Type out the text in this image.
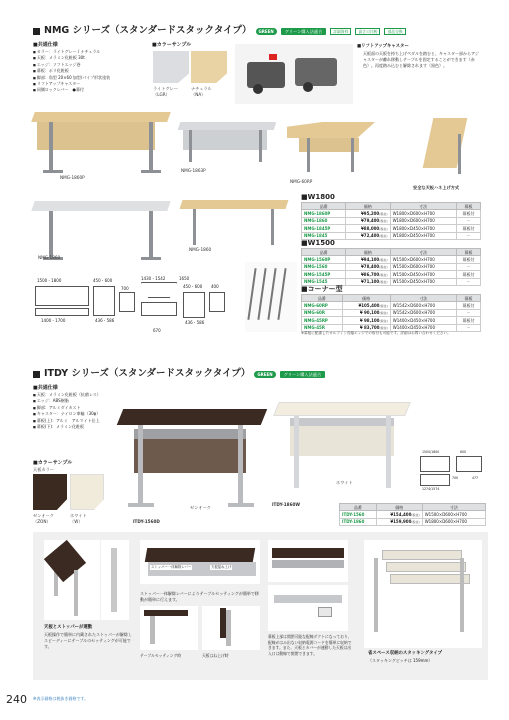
NMG シリーズ（スタンダードスタックタイプ）	GREEN	グリーン購入法適合	詳細資料	高さの比較	部品交換
■共通仕様
■ カラー：ライトグレー / ナチュラル
■ 天板：メラミン化粧板 30t
■ エッジ：ソフトエッジ巻
■ 幕板：ポリ化粧板
■ 脚部：角型 20×60 加型/パイプ形状塗装
■ リフトアップキャスター
■ 同側ロックレバー　●幕付
■カラーサンプル
ライトグレー
（LGR）
ナチュラル
（NA）
■リフトアップキャスター
天板面の天板を持ち上げペダルを踏むと、キャスター部からアジャスターが離れ移動しテーブルを固定することができます（赤色）。再度踏み込むと解除されます（黒色）。
NMG-1860P
NMG-1863P
NMG-60RP
安全な天板ハネ上げ方式
NMG-1860
NMG-1860
1500・1800	450・600
1400・1700	436・586
700
1430・1542	1650
450・600 400
670
436・586
■W1800
品番	価格	寸法	幕板
NMG-1860P	¥95,200(税抜)	W1800×D600×H700	幕板付
NMG-1860	¥79,400(税抜)	W1800×D600×H700	－
NMG-1845P	¥88,000(税抜)	W1800×D450×H700	幕板付
NMG-1845	¥72,400(税抜)	W1800×D450×H700	－
■W1500
品番	価格	寸法	幕板
NMG-1560P	¥94,100(税抜)	W1500×D600×H700	幕板付
NMG-1560	¥78,400(税抜)	W1500×D600×H700	－
NMG-1545P	¥86,700(税抜)	W1500×D450×H700	幕板付
NMG-1545	¥71,100(税抜)	W1500×D450×H700	－
■コーナー型
品番	価格	寸法	幕板
NMG-60RP	¥105,400(税抜)	W1542×D600×H700	幕板付
NMG-60R	¥ 90,100(税抜)	W1542×D600×H700	－
NMG-45RP	¥ 98,100(税抜)	W1400×D450×H700	幕板付
NMG-45R	¥ 83,700(税抜)	W1400×D450×H700	－
※幕板に配慮したオルフィン長幅エッジでの取付も可能です。詳細はお問い合わせください。
ITDY シリーズ（スタンダードスタックタイプ）	GREEN	グリーン購入法適合
■共通仕様
■ 天板：メラミン化粧板（抗菌レス）
■ エッジ：ABS樹脂
■ 脚部：アルミダイカスト
■ キャスター：ナイロン車輪（30φ）
■ 幕板(上)：アルミ　アルマイト仕上
■ 幕板(下)：メラミン化粧板
■カラーサンプル
天板カラー
ゼンオーク
（ZON）
ホワイト
（W）	ITDY-1560D
ゼンオーク
ITDY-1860W
ホワイト
1500/1800	600
1274/1574
700	477
品番	価格	寸法
ITDY-1560	¥154,400(税抜)	W1500×D600×H700
ITDY-1860	¥159,900(税抜)	W1800×D600×H700
天板とストッパーが連動
天板操作で簡単に内蔵されたストッパーが解除しスピーディーにテーブルのセッティングが可能です。
ストッパー一体解除レバー	天板揺ね上げ
ストッパー一体解除レバーによりテーブルセッティングが簡単で移動が簡単に行えます。
テーブルセッティング時	天板はね上げ時
幕板上部は開閉可能な配線ダクトになっており、配線がはみ出ない収納電源コードを簡単に収納できます。また、天板とカバーが連動した天板は出入口は動線で開閉できます。	省スペース収納のスタッキングタイプ
（スタッキングピッチは 159mm）
240 ※表示価格は税抜き価格です。
